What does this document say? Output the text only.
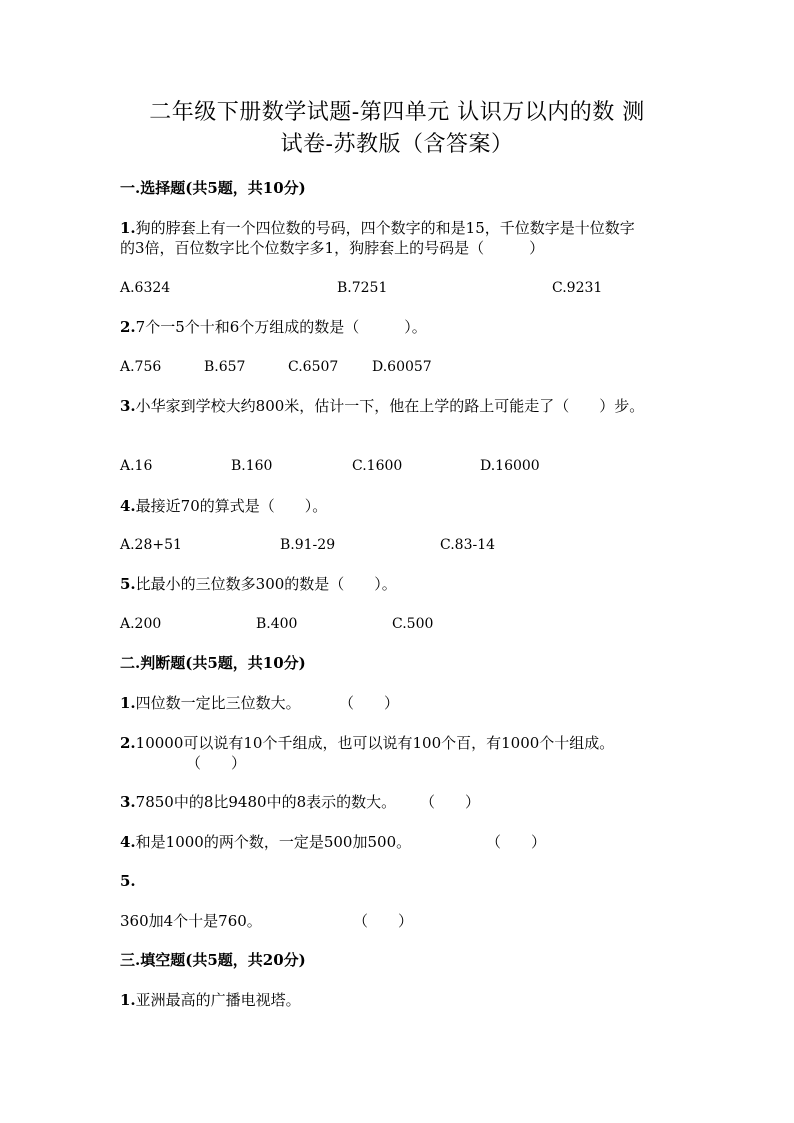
二年级下册数学试题-第四单元 认识万以内的数 测
试卷-苏教版（含答案）
一.选择题(共5题，共10分)
1.狗的脖套上有一个四位数的号码，四个数字的和是15，千位数字是十位数字
的3倍，百位数字比个位数字多1，狗脖套上的号码是（　　　）
A.6324	B.7251	C.9231
2.7个一5个十和6个万组成的数是（　　　）。
A.756	B.657	C.6507 D.60057
3.小华家到学校大约800米，估计一下，他在上学的路上可能走了（　　）步。
A.16	B.160	C.1600	D.16000
4.最接近70的算式是（　　）。
A.28+51	B.91-29	C.83-14
5.比最小的三位数多300的数是（　　）。
A.200	B.400	C.500
二.判断题(共5题，共10分)
1.四位数一定比三位数大。	（　　）
2.10000可以说有10个千组成，也可以说有100个百，有1000个十组成。
（　　）
3.7850中的8比9480中的8表示的数大。 （　　）
4.和是1000的两个数，一定是500加500。	（　　）
5.
360加4个十是760。	（　　）
三.填空题(共5题，共20分)
1.亚洲最高的广播电视塔。
